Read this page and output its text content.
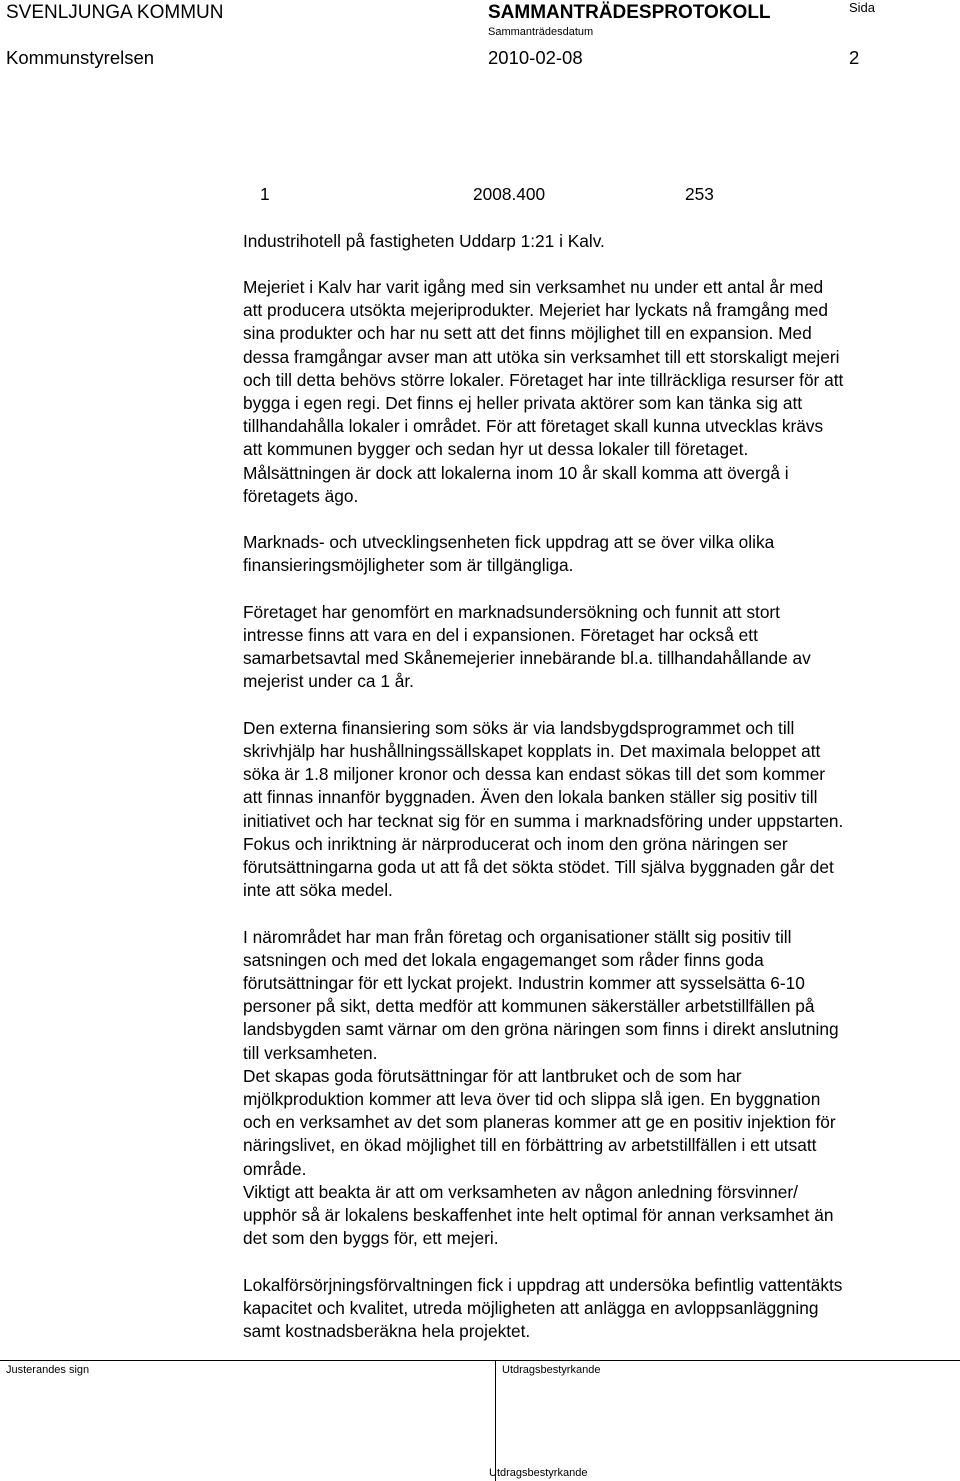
SVENLJUNGA KOMMUN	SAMMANTRÄDESPROTOKOLL	Sida
Sammanträdesdatum
Kommunstyrelsen	2010-02-08	2
1	2008.400	253
Industrihotell på fastigheten Uddarp 1:21 i Kalv.

Mejeriet i Kalv har varit igång med sin verksamhet nu under ett antal år med

att producera utsökta mejeriprodukter. Mejeriet har lyckats nå framgång med

sina produkter och har nu sett att det finns möjlighet till en expansion. Med

dessa framgångar avser man att utöka sin verksamhet till ett storskaligt mejeri

och till detta behövs större lokaler. Företaget har inte tillräckliga resurser för att

bygga i egen regi. Det finns ej heller privata aktörer som kan tänka sig att

tillhandahålla lokaler i området. För att företaget skall kunna utvecklas krävs

att kommunen bygger och sedan hyr ut dessa lokaler till företaget.

Målsättningen är dock att lokalerna inom 10 år skall komma att övergå i

företagets ägo.

Marknads- och utvecklingsenheten fick uppdrag att se över vilka olika

finansieringsmöjligheter som är tillgängliga.

Företaget har genomfört en marknadsundersökning och funnit att stort

intresse finns att vara en del i expansionen. Företaget har också ett

samarbetsavtal med Skånemejerier innebärande bl.a. tillhandahållande av

mejerist under ca 1 år.

Den externa finansiering som söks är via landsbygdsprogrammet och till

skrivhjälp har hushållningssällskapet kopplats in. Det maximala beloppet att

söka är 1.8 miljoner kronor och dessa kan endast sökas till det som kommer

att finnas innanför byggnaden. Även den lokala banken ställer sig positiv till

initiativet och har tecknat sig för en summa i marknadsföring under uppstarten.

Fokus och inriktning är närproducerat och inom den gröna näringen ser

förutsättningarna goda ut att få det sökta stödet. Till själva byggnaden går det

inte att söka medel.

I närområdet har man från företag och organisationer ställt sig positiv till

satsningen och med det lokala engagemanget som råder finns goda

förutsättningar för ett lyckat projekt. Industrin kommer att sysselsätta 6-10

personer på sikt, detta medför att kommunen säkerställer arbetstillfällen på

landsbygden samt värnar om den gröna näringen som finns i direkt anslutning

till verksamheten.

Det skapas goda förutsättningar för att lantbruket och de som har

mjölkproduktion kommer att leva över tid och slippa slå igen. En byggnation

och en verksamhet av det som planeras kommer att ge en positiv injektion för

näringslivet, en ökad möjlighet till en förbättring av arbetstillfällen i ett utsatt

område.

Viktigt att beakta är att om verksamheten av någon anledning försvinner/

upphör så är lokalens beskaffenhet inte helt optimal för annan verksamhet än

det som den byggs för, ett mejeri.

Lokalförsörjningsförvaltningen fick i uppdrag att undersöka befintlig vattentäkts

kapacitet och kvalitet, utreda möjligheten att anlägga en avloppsanläggning

samt kostnadsberäkna hela projektet.

Justerandes sign	Utdragsbestyrkande
Utdragsbestyrkande
